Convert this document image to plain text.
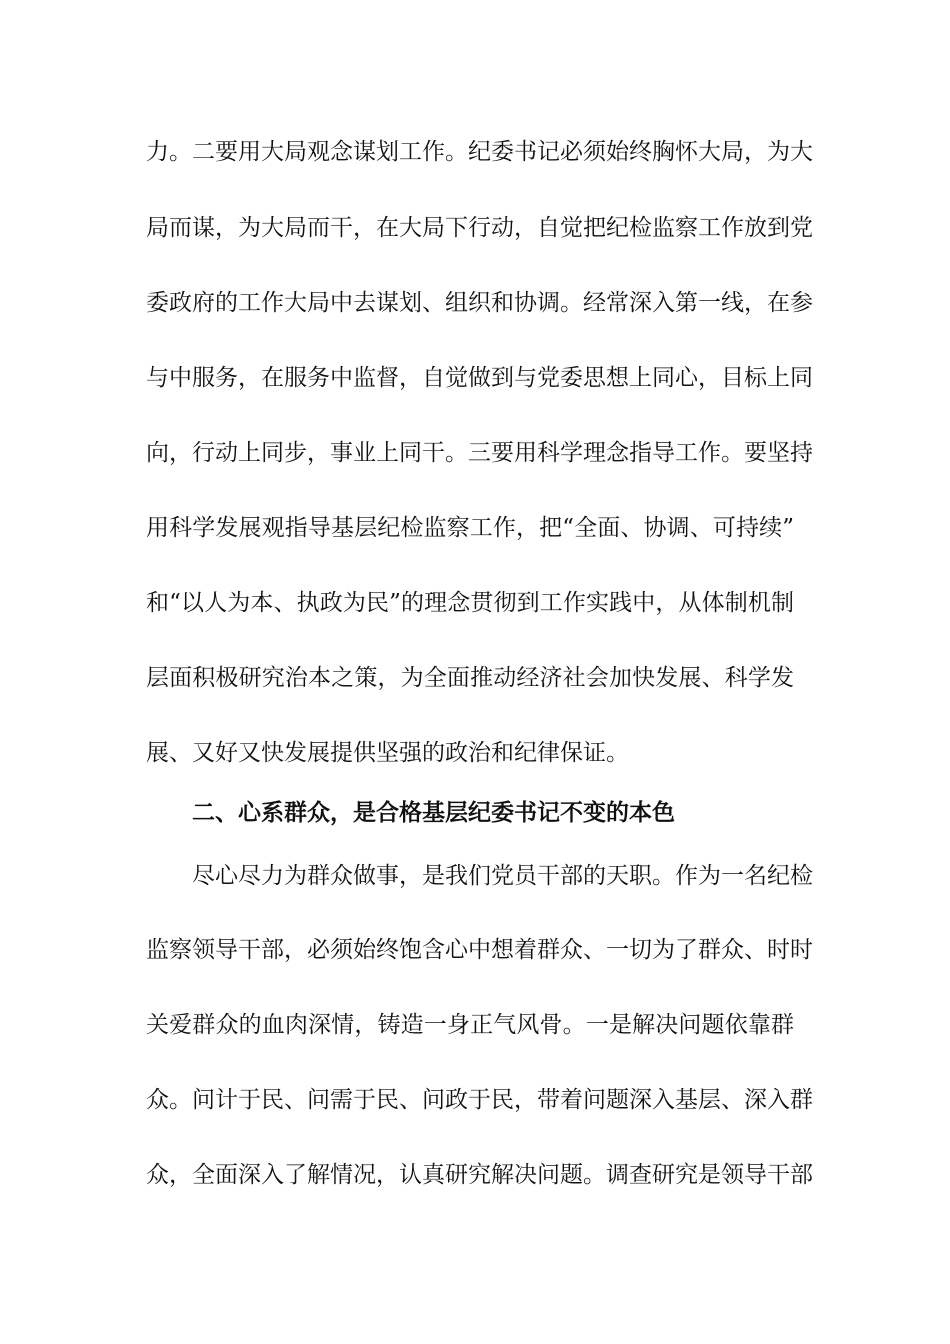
力。二要用大局观念谋划工作。纪委书记必须始终胸怀大局，为大
局而谋，为大局而干，在大局下行动，自觉把纪检监察工作放到党
委政府的工作大局中去谋划、组织和协调。经常深入第一线，在参
与中服务，在服务中监督，自觉做到与党委思想上同心，目标上同
向，行动上同步，事业上同干。三要用科学理念指导工作。要坚持
用科学发展观指导基层纪检监察工作，把“全面、协调、可持续”
和“以人为本、执政为民”的理念贯彻到工作实践中，从体制机制
层面积极研究治本之策，为全面推动经济社会加快发展、科学发
展、又好又快发展提供坚强的政治和纪律保证。
二、心系群众，是合格基层纪委书记不变的本色
尽心尽力为群众做事，是我们党员干部的天职。作为一名纪检
监察领导干部，必须始终饱含心中想着群众、一切为了群众、时时
关爱群众的血肉深情，铸造一身正气风骨。一是解决问题依靠群
众。问计于民、问需于民、问政于民，带着问题深入基层、深入群
众，全面深入了解情况，认真研究解决问题。调查研究是领导干部
